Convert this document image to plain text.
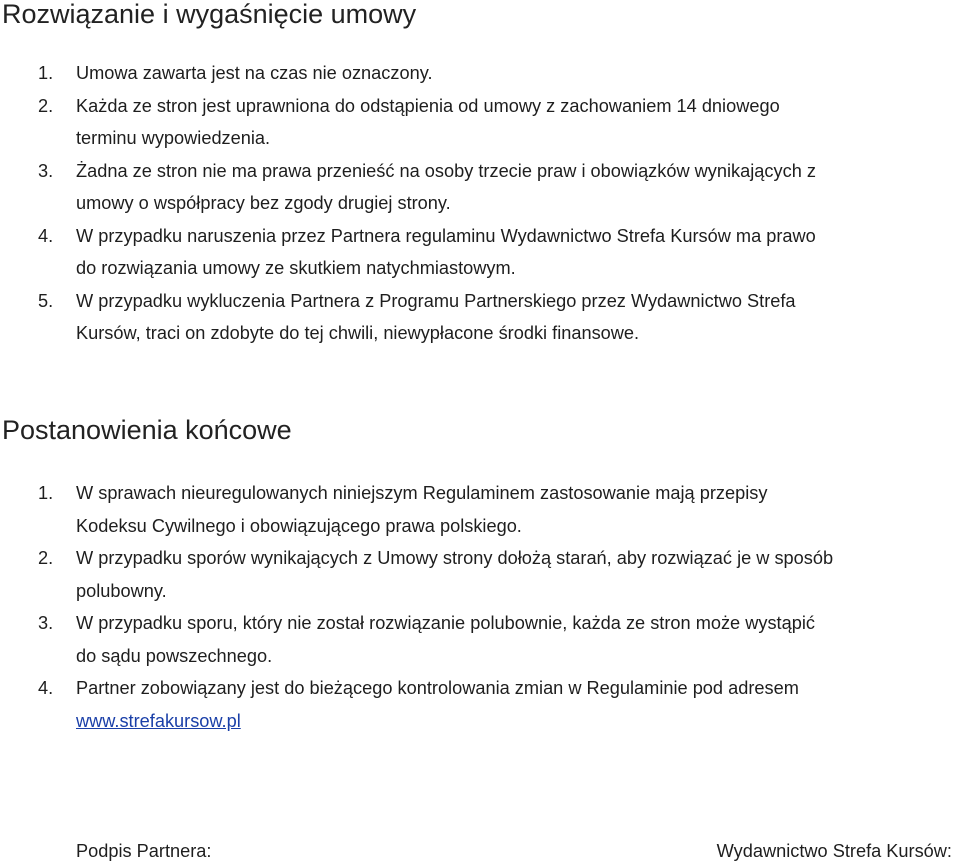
Rozwiązanie i wygaśnięcie umowy
1. Umowa zawarta jest na czas nie oznaczony.
2. Każda ze stron jest uprawniona do odstąpienia od umowy z zachowaniem 14 dniowego
terminu wypowiedzenia.
3. Żadna ze stron nie ma prawa przenieść na osoby trzecie praw i obowiązków wynikających z
umowy o współpracy bez zgody drugiej strony.
4. W przypadku naruszenia przez Partnera regulaminu Wydawnictwo Strefa Kursów ma prawo
do rozwiązania umowy ze skutkiem natychmiastowym.
5. W przypadku wykluczenia Partnera z Programu Partnerskiego przez Wydawnictwo Strefa
Kursów, traci on zdobyte do tej chwili, niewypłacone środki finansowe.
Postanowienia końcowe
1. W sprawach nieuregulowanych niniejszym Regulaminem zastosowanie mają przepisy
Kodeksu Cywilnego i obowiązującego prawa polskiego.
2. W przypadku sporów wynikających z Umowy strony dołożą starań, aby rozwiązać je w sposób
polubowny.
3. W przypadku sporu, który nie został rozwiązanie polubownie, każda ze stron może wystąpić
do sądu powszechnego.
4. Partner zobowiązany jest do bieżącego kontrolowania zmian w Regulaminie pod adresem
www.strefakursow.pl
Podpis Partnera:	Wydawnictwo Strefa Kursów:
